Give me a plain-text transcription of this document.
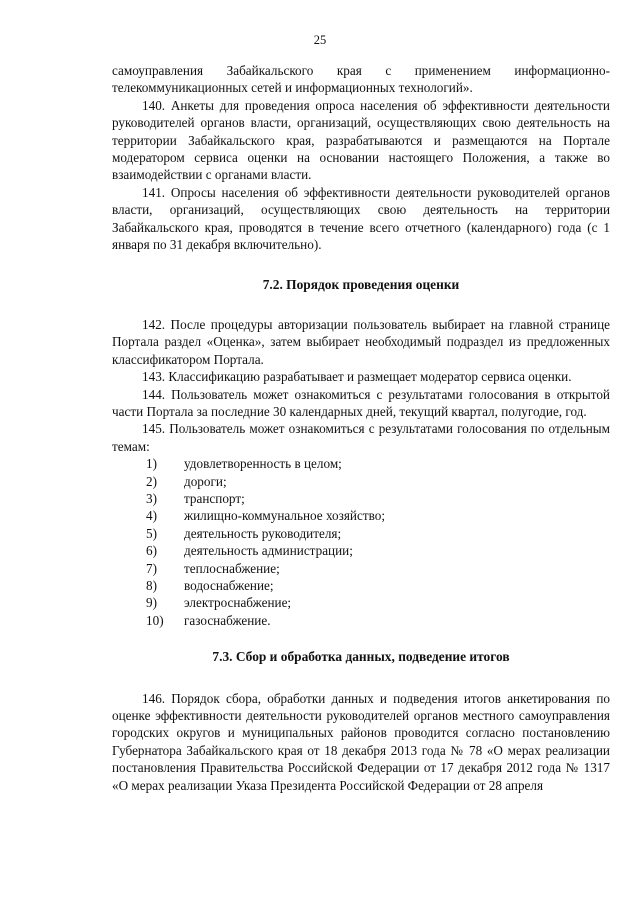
25

самоуправления Забайкальского края с применением информационно-телекоммуникационных сетей и информационных технологий».

140. Анкеты для проведения опроса населения об эффективности деятельности руководителей органов власти, организаций, осуществляющих свою деятельность на территории Забайкальского края, разрабатываются и размещаются на Портале модератором сервиса оценки на основании настоящего Положения, а также во взаимодействии с органами власти.

141. Опросы населения об эффективности деятельности руководителей органов власти, организаций, осуществляющих свою деятельность на территории Забайкальского края, проводятся в течение всего отчетного (календарного) года (с 1 января по 31 декабря включительно).

7.2. Порядок проведения оценки

142. После процедуры авторизации пользователь выбирает на главной странице Портала раздел «Оценка», затем выбирает необходимый подраздел из предложенных классификатором Портала.

143. Классификацию разрабатывает и размещает модератор сервиса оценки.

144. Пользователь может ознакомиться с результатами голосования в открытой части Портала за последние 30 календарных дней, текущий квартал, полугодие, год.

145. Пользователь может ознакомиться с результатами голосования по отдельным темам:

1)	удовлетворенность в целом;
2)	дороги;
3)	транспорт;
4)	жилищно-коммунальное хозяйство;
5)	деятельность руководителя;
6)	деятельность администрации;
7)	теплоснабжение;
8)	водоснабжение;
9)	электроснабжение;
10)	газоснабжение.
7.3. Сбор и обработка данных, подведение итогов

146. Порядок сбора, обработки данных и подведения итогов анкетирования по оценке эффективности деятельности руководителей органов местного самоуправления городских округов и муниципальных районов проводится согласно постановлению Губернатора Забайкальского края от 18 декабря 2013 года № 78 «О мерах реализации постановления Правительства Российской Федерации от 17 декабря 2012 года № 1317 «О мерах реализации Указа Президента Российской Федерации от 28 апреля
